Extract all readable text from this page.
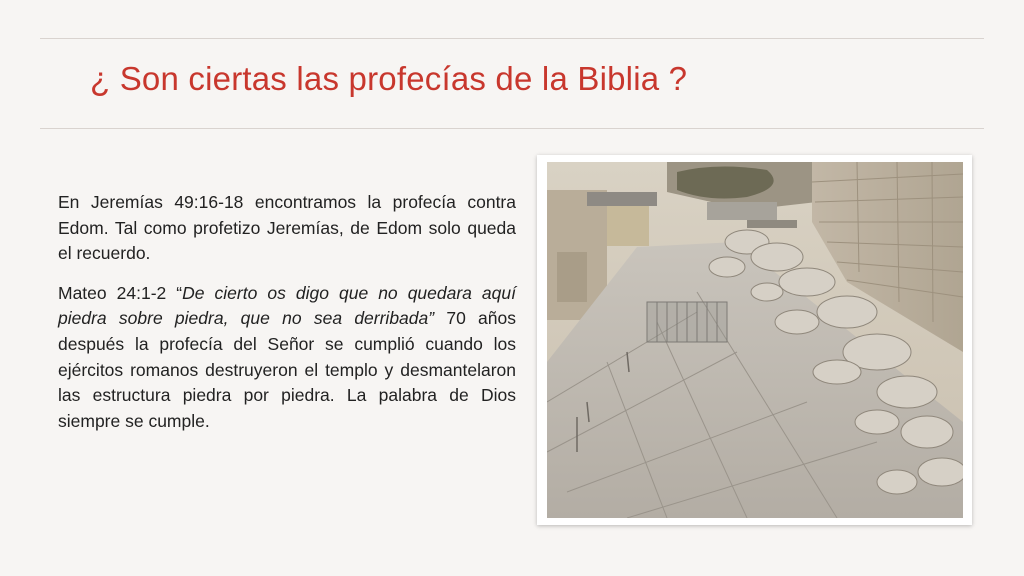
¿ Son ciertas las profecías de la Biblia ?

En Jeremías 49:16-18 encontramos la profecía contra Edom. Tal como profetizo Jeremías, de Edom solo queda el recuerdo.

Mateo 24:1-2 “De cierto os digo que no quedara aquí piedra sobre piedra, que no sea derribada” 70 años después la profecía del Señor se cumplió cuando los ejércitos romanos destruyeron el templo y desmantelaron las estructura piedra por piedra. La palabra de Dios siempre se cumple.
